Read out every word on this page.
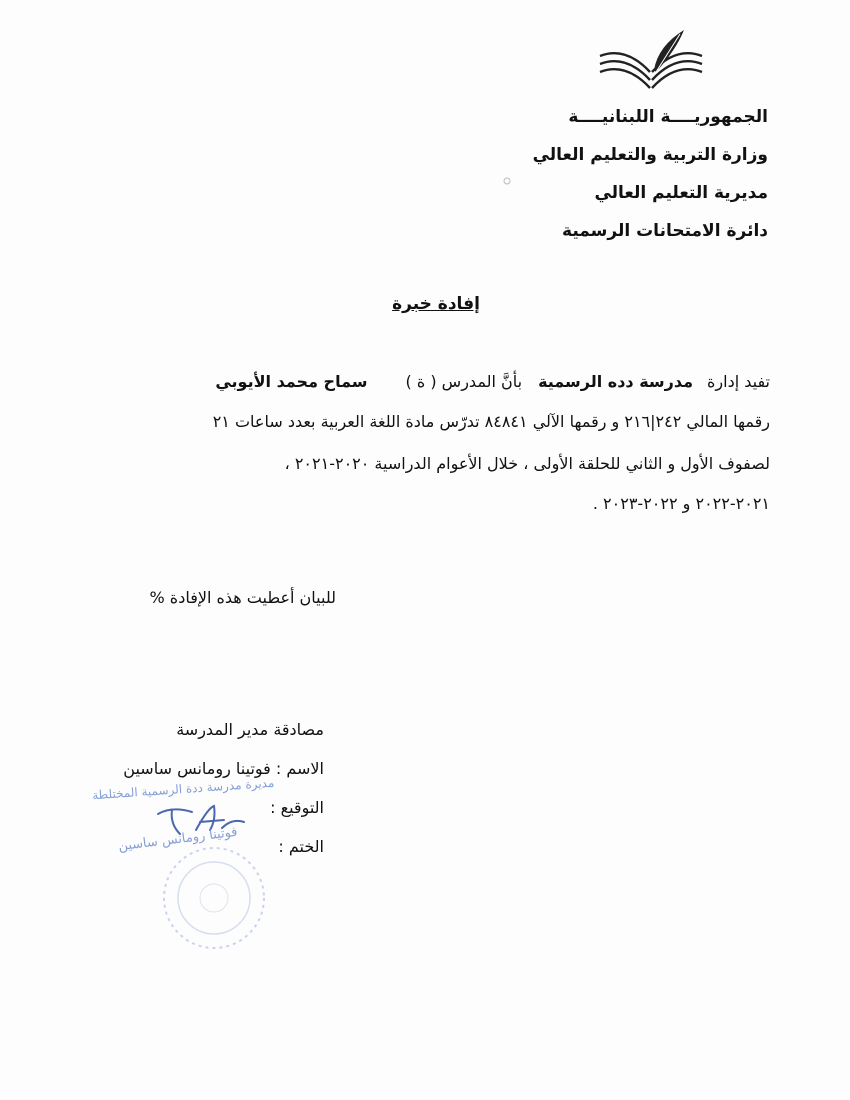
الجمهوريــــة اللبنانيــــة
وزارة التربية والتعليم العالي
مديرية التعليم العالي
دائرة الامتحانات الرسمية
إفادة خبرة
تفيد إدارةمدرسة دده الرسميةبأنَّ المدرس ( ة )سماح محمد الأيوبي
رقمها المالي ٢٤٢|٢١٦ و رقمها الآلي ٨٤٨٤١ تدرّس مادة اللغة العربية بعدد ساعات ٢١
لصفوف الأول و الثاني للحلقة الأولى ، خلال الأعوام الدراسية ٢٠٢٠-٢٠٢١ ،
٢٠٢١-٢٠٢٢ و ٢٠٢٢-٢٠٢٣ .
للبيان أعطيت هذه الإفادة %
مصادقة مدير المدرسة
الاسم : فوتينا رومانس ساسين
التوقيع :
الختم :
مديرة مدرسة ددة الرسمية المختلطة
فوتينا رومانس ساسين
